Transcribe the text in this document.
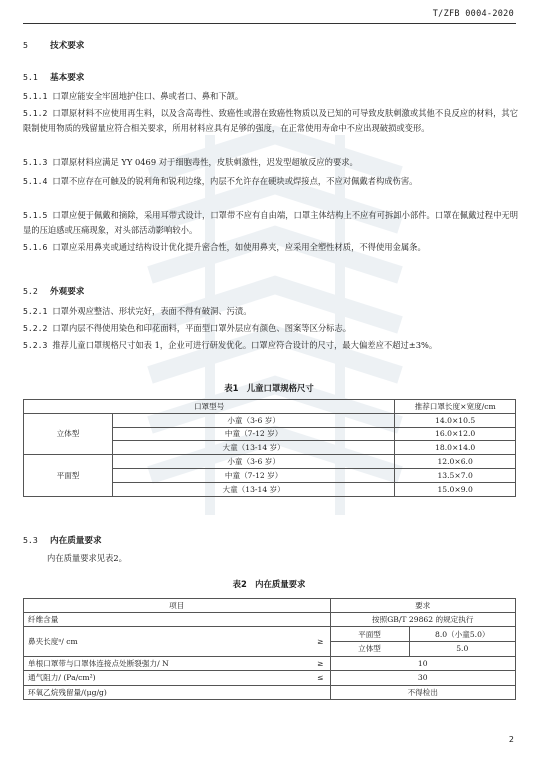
T/ZFB 0004-2020
5	技术要求
5.1 基本要求
5.1.1 口罩应能安全牢固地护住口、鼻或者口、鼻和下颌。
5.1.2 口罩原材料不应使用再生料，以及含高毒性、致癌性或潜在致癌性物质以及已知的可导致皮肤刺激或其他不良反应的材料，其它限制使用物质的残留量应符合相关要求，所用材料应具有足够的强度，在正常使用寿命中不应出现破损或变形。
5.1.3 口罩原材料应满足 YY 0469 对于细胞毒性，皮肤刺激性，迟发型超敏反应的要求。
5.1.4 口罩不应存在可触及的锐利角和锐利边缘，内层不允许存在硬块或焊接点，不应对佩戴者构成伤害。
5.1.5 口罩应便于佩戴和摘除，采用耳带式设计，口罩带不应有自由端，口罩主体结构上不应有可拆卸小部件。口罩在佩戴过程中无明显的压迫感或压痛现象，对头部活动影响较小。
5.1.6 口罩应采用鼻夹或通过结构设计优化提升密合性，如使用鼻夹，应采用全塑性材质，不得使用金属条。
5.2 外观要求
5.2.1 口罩外观应整洁、形状完好，表面不得有破洞、污渍。
5.2.2 口罩内层不得使用染色和印花面料，平面型口罩外层应有颜色、图案等区分标志。
5.2.3 推荐儿童口罩规格尺寸如表 1，企业可进行研发优化。口罩应符合设计的尺寸，最大偏差应不超过±3%。
表1　儿童口罩规格尺寸
口罩型号		推荐口罩长度×宽度/cm
立体型	小童（3-6 岁）	14.0×10.5
	中童（7-12 岁）	16.0×12.0
	大童（13-14 岁）	18.0×14.0
平面型	小童（3-6 岁）	12.0×6.0
	中童（7-12 岁）	13.5×7.0
	大童（13-14 岁）	15.0×9.0
5.3 内在质量要求
内在质量要求见表2。
表2　内在质量要求
项目		要求	
纤维含量		按照GB/T 29862 的规定执行	
鼻夹长度ᵃ/ cm	≥	平面型	8.0（小童5.0）
		立体型	5.0
单根口罩带与口罩体连接点处断裂强力/ N	≥	10	
通气阻力/ (Pa/cm²)	≤	30	
环氧乙烷残留量/(μg/g)		不得检出	
2
